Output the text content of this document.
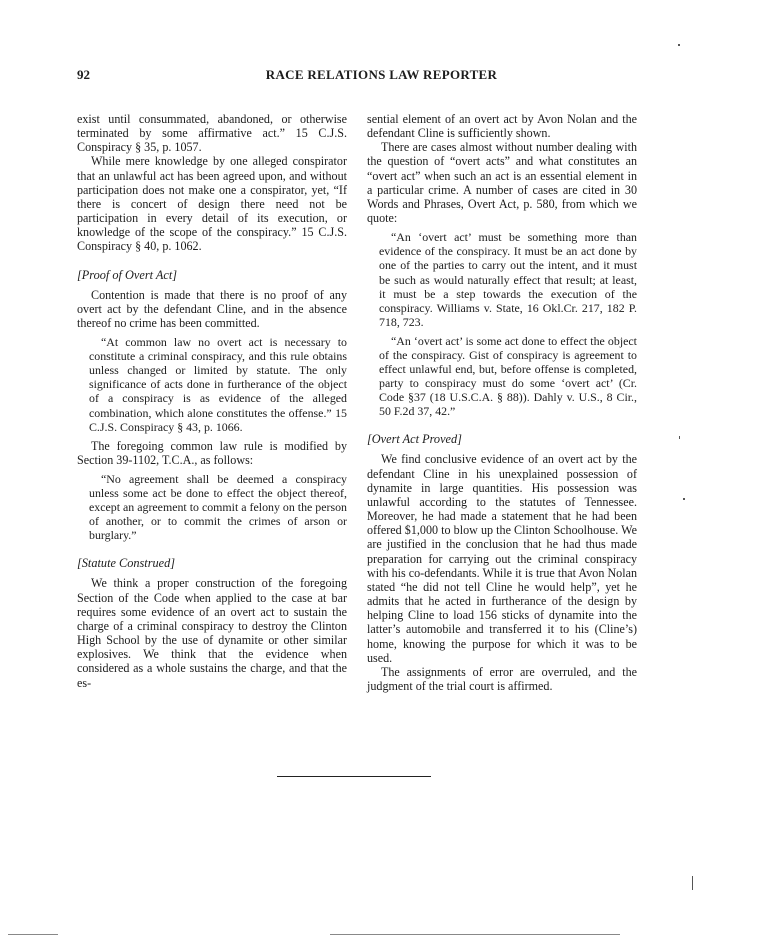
92	RACE RELATIONS LAW REPORTER

exist until consummated, abandoned, or otherwise terminated by some affirmative act.” 15 C.J.S. Conspiracy § 35, p. 1057.

While mere knowledge by one alleged conspirator that an unlawful act has been agreed upon, and without participation does not make one a conspirator, yet, “If there is concert of design there need not be participation in every detail of its execution, or knowledge of the scope of the conspiracy.” 15 C.J.S. Conspiracy § 40, p. 1062.

[Proof of Overt Act]

Contention is made that there is no proof of any overt act by the defendant Cline, and in the absence thereof no crime has been committed.

“At common law no overt act is necessary to constitute a criminal conspiracy, and this rule obtains unless changed or limited by statute. The only significance of acts done in furtherance of the object of a conspiracy is as evidence of the alleged combination, which alone constitutes the offense.” 15 C.J.S. Conspiracy § 43, p. 1066.

The foregoing common law rule is modified by Section 39-1102, T.C.A., as follows:

“No agreement shall be deemed a conspiracy unless some act be done to effect the object thereof, except an agreement to commit a felony on the person of another, or to commit the crimes of arson or burglary.”

[Statute Construed]

We think a proper construction of the foregoing Section of the Code when applied to the case at bar requires some evidence of an overt act to sustain the charge of a criminal conspiracy to destroy the Clinton High School by the use of dynamite or other similar explosives. We think that the evidence when considered as a whole sustains the charge, and that the es-

sential element of an overt act by Avon Nolan and the defendant Cline is sufficiently shown.

There are cases almost without number dealing with the question of “overt acts” and what constitutes an “overt act” when such an act is an essential element in a particular crime. A number of cases are cited in 30 Words and Phrases, Overt Act, p. 580, from which we quote:

“An ‘overt act’ must be something more than evidence of the conspiracy. It must be an act done by one of the parties to carry out the intent, and it must be such as would naturally effect that result; at least, it must be a step towards the execution of the conspiracy. Williams v. State, 16 Okl.Cr. 217, 182 P. 718, 723.

“An ‘overt act’ is some act done to effect the object of the conspiracy. Gist of conspiracy is agreement to effect unlawful end, but, before offense is completed, party to conspiracy must do some ‘overt act’ (Cr. Code §37 (18 U.S.C.A. § 88)). Dahly v. U.S., 8 Cir., 50 F.2d 37, 42.”

[Overt Act Proved]

We find conclusive evidence of an overt act by the defendant Cline in his unexplained possession of dynamite in large quantities. His possession was unlawful according to the statutes of Tennessee. Moreover, he had made a statement that he had been offered $1,000 to blow up the Clinton Schoolhouse. We are justified in the conclusion that he had thus made preparation for carrying out the criminal conspiracy with his co-defendants. While it is true that Avon Nolan stated “he did not tell Cline he would help”, yet he admits that he acted in furtherance of the design by helping Cline to load 156 sticks of dynamite into the latter’s automobile and transferred it to his (Cline’s) home, knowing the purpose for which it was to be used.

The assignments of error are overruled, and the judgment of the trial court is affirmed.
